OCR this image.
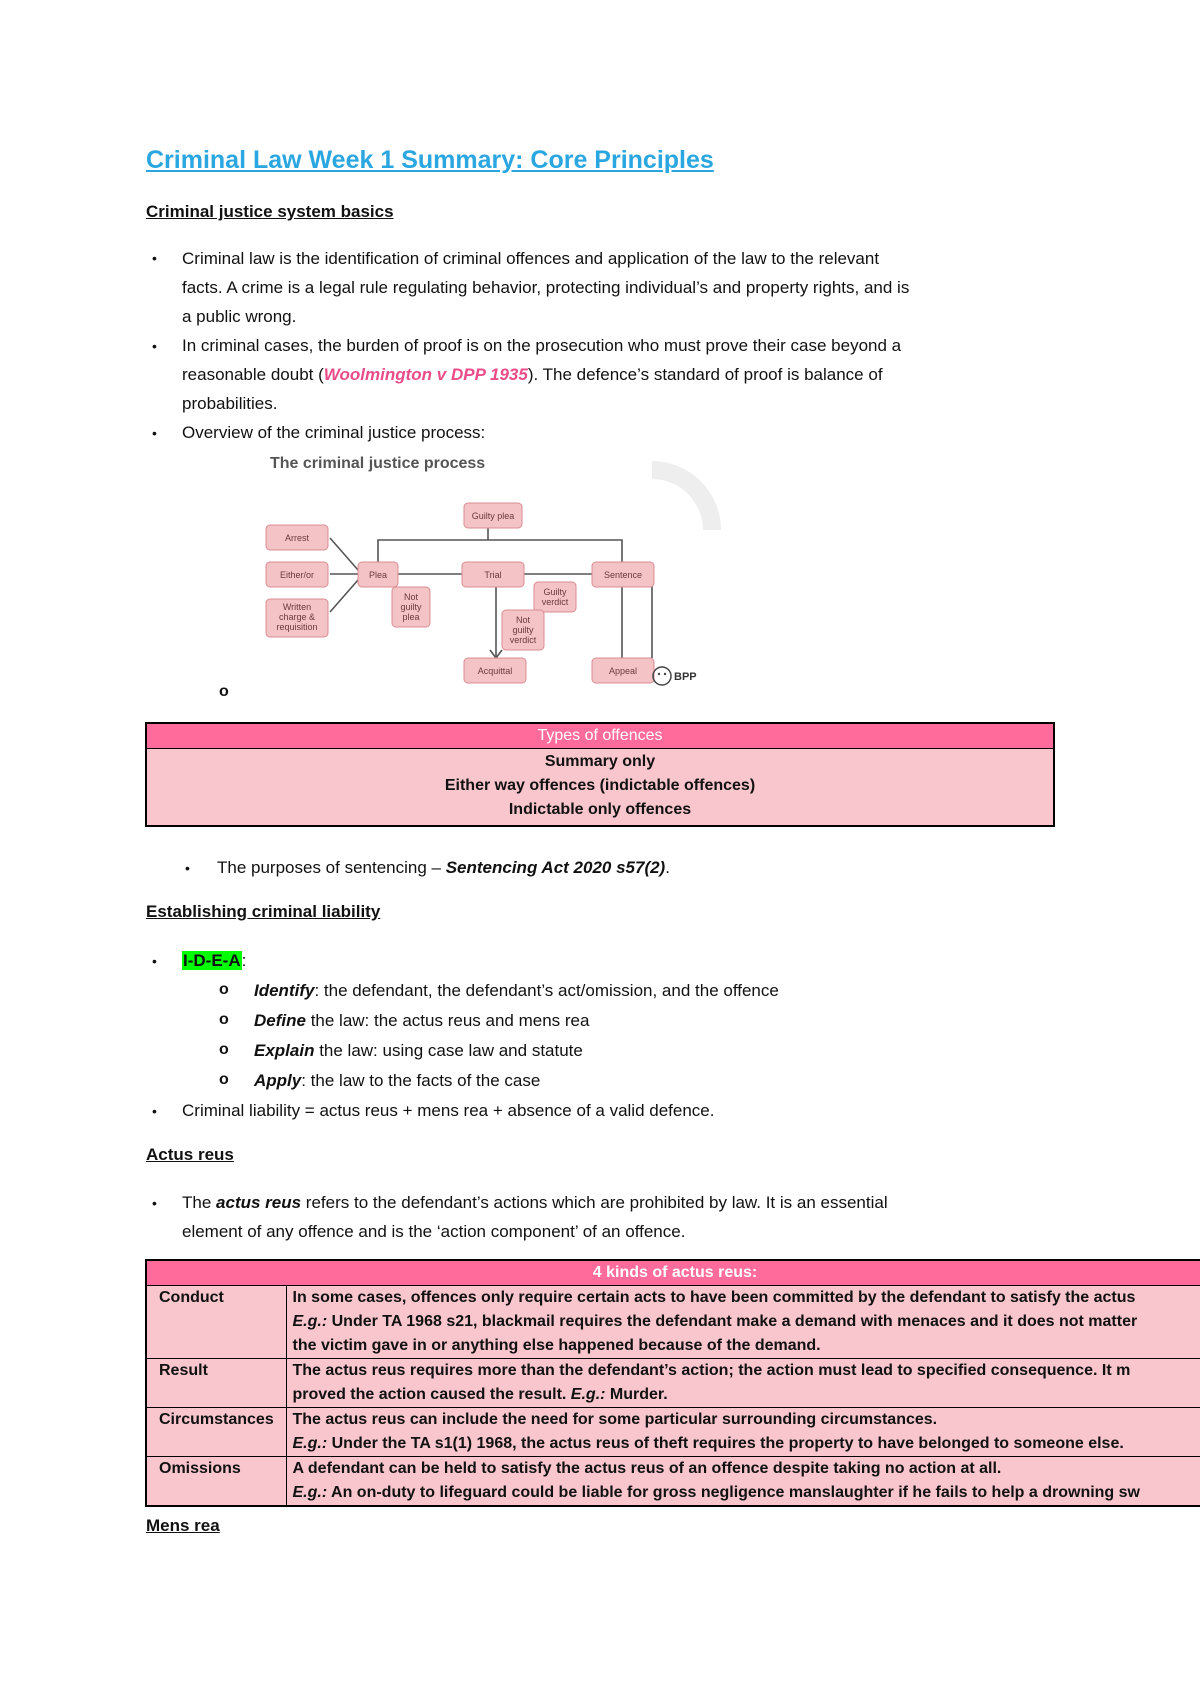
Criminal Law Week 1 Summary: Core Principles
Criminal justice system basics
• Criminal law is the identification of criminal offences and application of the law to the relevant
facts. A crime is a legal rule regulating behavior, protecting individual’s and property rights, and is
a public wrong.
• In criminal cases, the burden of proof is on the prosecution who must prove their case beyond a
reasonable doubt (Woolmington v DPP 1935). The defence’s standard of proof is balance of
probabilities.
• Overview of the criminal justice process:
The criminal justice process
Arrest
Either/or
Written
charge &
requisition
Plea
Not
guilty
plea
Guilty plea
Trial
Guilty
verdict
Not
guilty
verdict
Sentence
Acquittal	Appeal	BPP
o
Types of offences

Summary only
Either way offences (indictable offences)
Indictable only offences
• The purposes of sentencing – Sentencing Act 2020 s57(2).
Establishing criminal liability
• I-D-E-A:
o Identify: the defendant, the defendant’s act/omission, and the offence
o Define the law: the actus reus and mens rea
o Explain the law: using case law and statute
o Apply: the law to the facts of the case
• Criminal liability = actus reus + mens rea + absence of a valid defence.
Actus reus
• The actus reus refers to the defendant’s actions which are prohibited by law. It is an essential
element of any offence and is the ‘action component’ of an offence.
4 kinds of actus reus:	
Conduct	In some cases, offences only require certain acts to have been committed by the defendant to satisfy the actus
E.g.: Under TA 1968 s21, blackmail requires the defendant make a demand with menaces and it does not matter
the victim gave in or anything else happened because of the demand.

Result	The actus reus requires more than the defendant’s action; the action must lead to specified consequence. It m
proved the action caused the result. E.g.: Murder.

Circumstances	The actus reus can include the need for some particular surrounding circumstances.
E.g.: Under the TA s1(1) 1968, the actus reus of theft requires the property to have belonged to someone else.

Omissions	A defendant can be held to satisfy the actus reus of an offence despite taking no action at all.
E.g.: An on-duty to lifeguard could be liable for gross negligence manslaughter if he fails to help a drowning sw
Mens rea
